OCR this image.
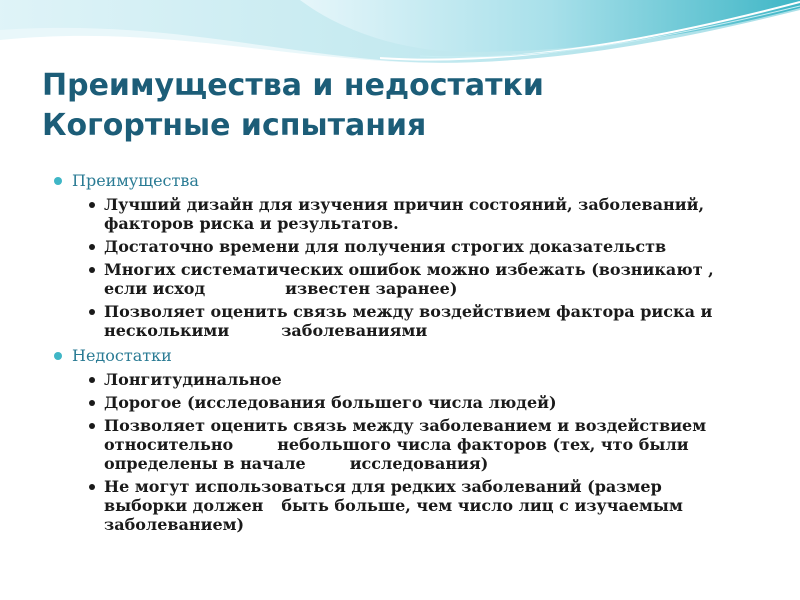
Преимущества и недостатки
Когортные испытания
Преимущества
Лучший дизайн для изучения причин состояний, заболеваний,
факторов риска и результатов.
Достаточно времени для получения строгих доказательств
Многих систематических ошибок можно избежать (возникают ,
если исход	известен заранее)
Позволяет оценить связь между воздействием фактора риска и
несколькими	заболеваниями
Недостатки
Лонгитудинальное
Дорогое (исследования большего числа людей)
Позволяет оценить связь между заболеванием и воздействием
относительно	небольшого числа факторов (тех, что были
определены в начале	исследования)
Не могут использоваться для редких заболеваний (размер
выборки должен быть больше, чем число лиц с изучаемым
заболеванием)
